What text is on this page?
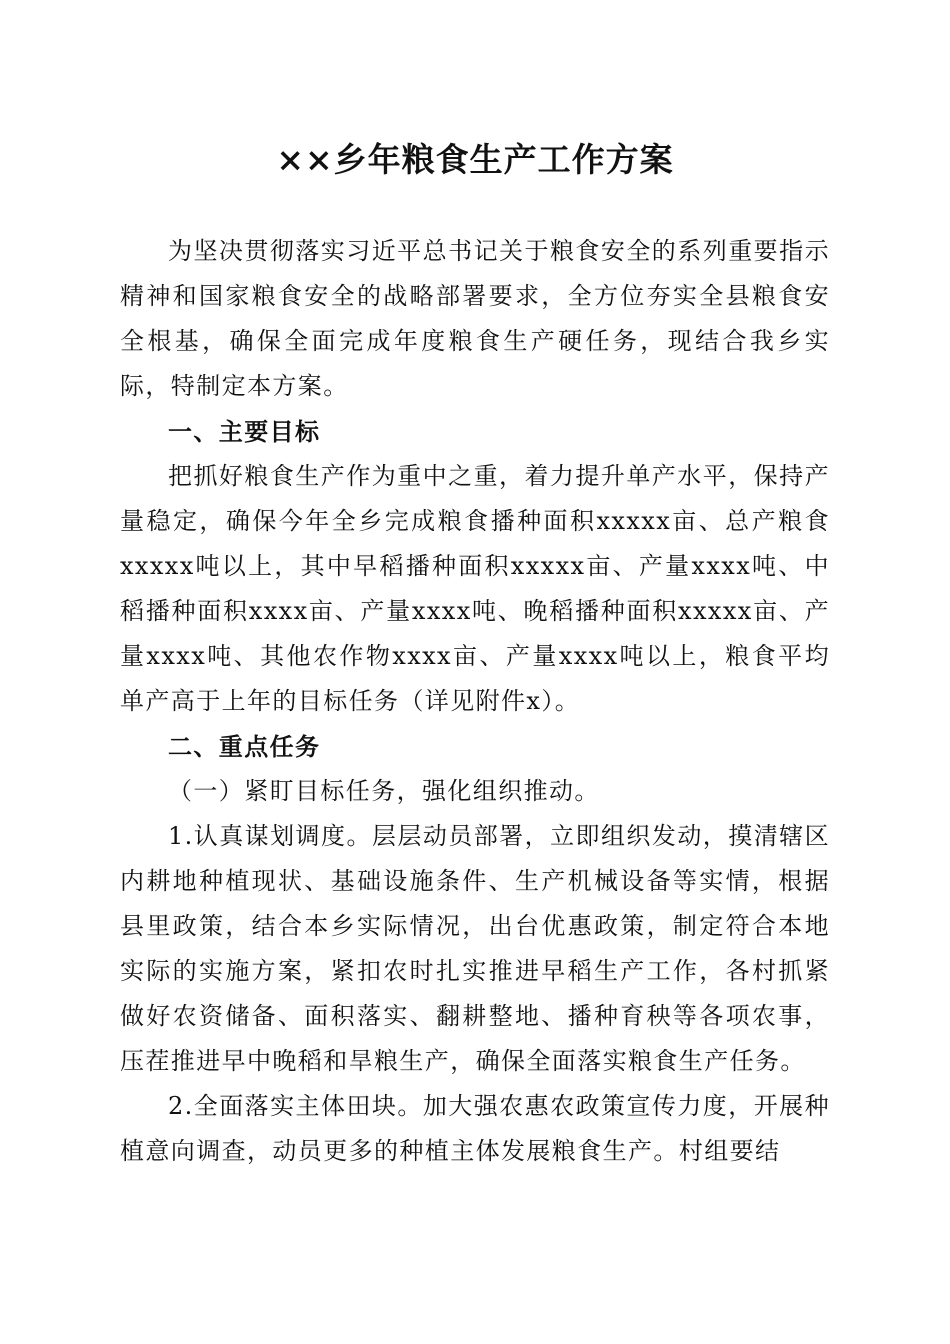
××乡年粮食生产工作方案

为坚决贯彻落实习近平总书记关于粮食安全的系列重要指示精神和国家粮食安全的战略部署要求，全方位夯实全县粮食安全根基，确保全面完成年度粮食生产硬任务，现结合我乡实际，特制定本方案。

一、主要目标

把抓好粮食生产作为重中之重，着力提升单产水平，保持产量稳定，确保今年全乡完成粮食播种面积xxxxx亩、总产粮食xxxxx吨以上，其中早稻播种面积xxxxx亩、产量xxxx吨、中稻播种面积xxxx亩、产量xxxx吨、晚稻播种面积xxxxx亩、产量xxxx吨、其他农作物xxxx亩、产量xxxx吨以上，粮食平均单产高于上年的目标任务（详见附件x）。

二、重点任务

（一）紧盯目标任务，强化组织推动。

1.认真谋划调度。层层动员部署，立即组织发动，摸清辖区内耕地种植现状、基础设施条件、生产机械设备等实情，根据县里政策，结合本乡实际情况，出台优惠政策，制定符合本地实际的实施方案，紧扣农时扎实推进早稻生产工作，各村抓紧做好农资储备、面积落实、翻耕整地、播种育秧等各项农事，压茬推进早中晚稻和旱粮生产，确保全面落实粮食生产任务。

2.全面落实主体田块。加大强农惠农政策宣传力度，开展种植意向调查，动员更多的种植主体发展粮食生产。村组要结
